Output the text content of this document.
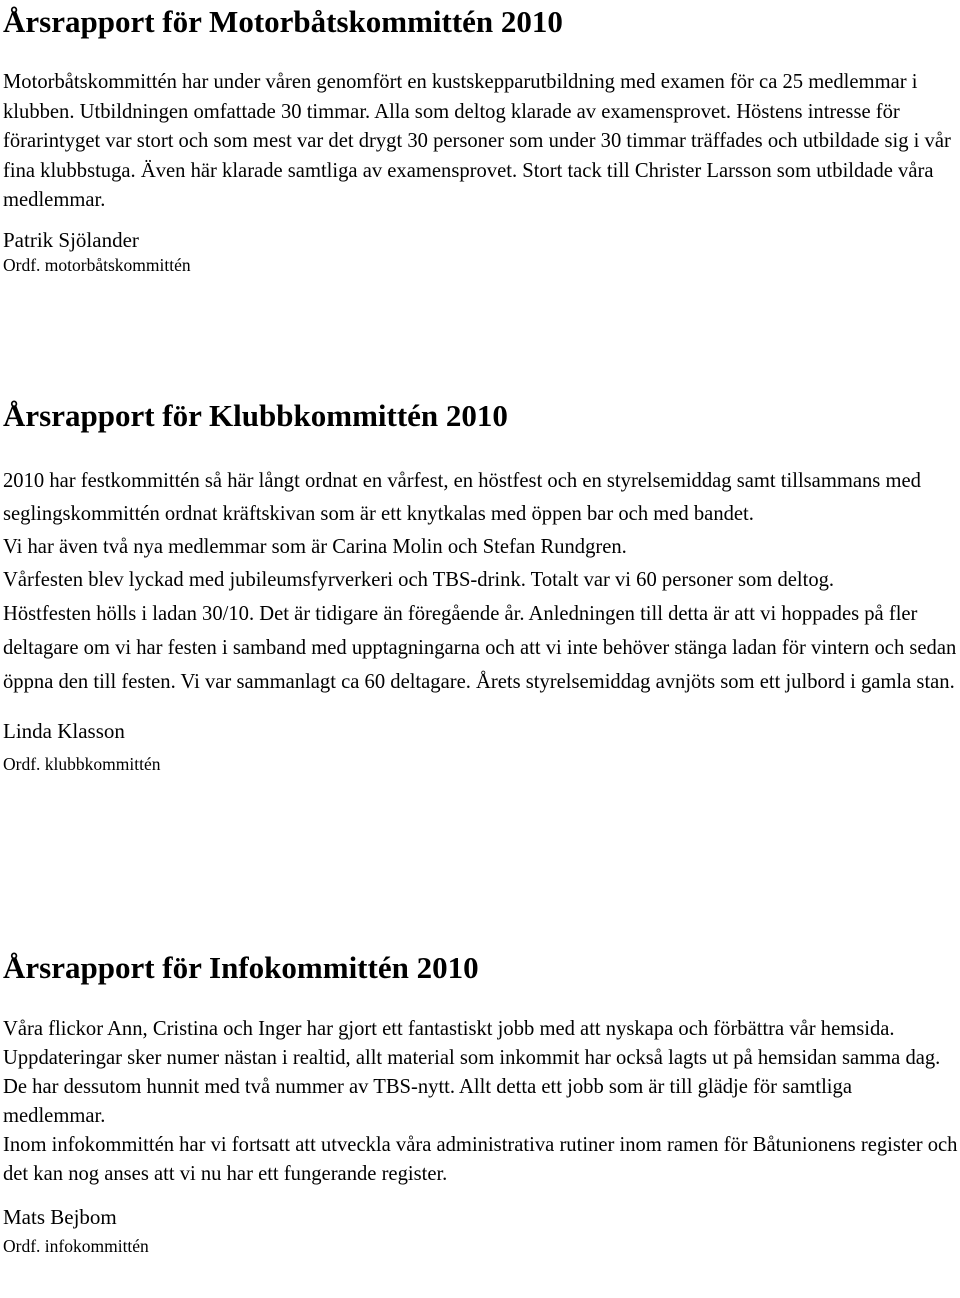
Årsrapport för Motorbåtskommittén 2010

Motorbåtskommittén har under våren genomfört en kustskepparutbildning med examen för ca 25 medlemmar i klubben. Utbildningen omfattade 30 timmar. Alla som deltog klarade av examensprovet. Höstens intresse för förarintyget var stort och som mest var det drygt 30 personer som under 30 timmar träffades och utbildade sig i vår fina klubbstuga. Även här klarade samtliga av examensprovet. Stort tack till Christer Larsson som utbildade våra medlemmar.

Patrik Sjölander

Ordf. motorbåtskommittén

Årsrapport för Klubbkommittén 2010

2010 har festkommittén så här långt ordnat en vårfest, en höstfest och en styrelsemiddag samt tillsammans med seglingskommittén ordnat kräftskivan som är ett knytkalas med öppen bar och med bandet.

Vi har även två nya medlemmar som är Carina Molin och Stefan Rundgren.

Vårfesten blev lyckad med jubileumsfyrverkeri och TBS-drink. Totalt var vi 60 personer som deltog.

Höstfesten hölls i ladan 30/10. Det är tidigare än föregående år. Anledningen till detta är att vi hoppades på fler deltagare om vi har festen i samband med upptagningarna och att vi inte behöver stänga ladan för vintern och sedan öppna den till festen. Vi var sammanlagt ca 60 deltagare. Årets styrelsemiddag avnjöts som ett julbord i gamla stan.

Linda Klasson

Ordf. klubbkommittén

Årsrapport för Infokommittén 2010

Våra flickor Ann, Cristina och Inger har gjort ett fantastiskt jobb med att nyskapa och förbättra vår hemsida. Uppdateringar sker numer nästan i realtid, allt material som inkommit har också lagts ut på hemsidan samma dag.

De har dessutom hunnit med två nummer av TBS-nytt. Allt detta ett jobb som är till glädje för samtliga medlemmar.

Inom infokommittén har vi fortsatt att utveckla våra administrativa rutiner inom ramen för Båtunionens register och det kan nog anses att vi nu har ett fungerande register.

Mats Bejbom

Ordf. infokommittén
